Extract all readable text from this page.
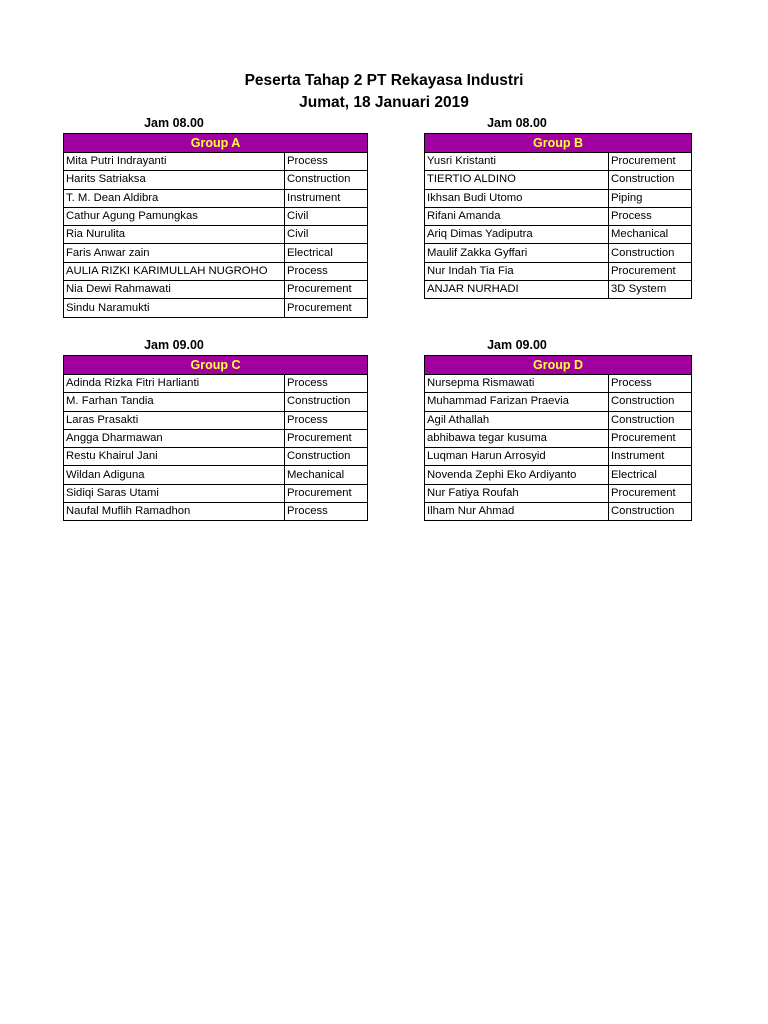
Peserta Tahap 2 PT Rekayasa Industri
Jumat, 18 Januari 2019
Jam 08.00
Group A	
Mita Putri Indrayanti	Process
Harits Satriaksa	Construction
T. M. Dean Aldibra	Instrument
Cathur Agung Pamungkas	Civil
Ria Nurulita	Civil
Faris Anwar zain	Electrical
AULIA RIZKI KARIMULLAH NUGROHO	Process
Nia Dewi Rahmawati	Procurement
Sindu Naramukti	Procurement
Jam 08.00
Group B	
Yusri Kristanti	Procurement
TIERTIO ALDINO	Construction
Ikhsan Budi Utomo	Piping
Rifani Amanda	Process
Ariq Dimas Yadiputra	Mechanical
Maulif Zakka Gyffari	Construction
Nur Indah Tia Fia	Procurement
ANJAR NURHADI	3D System
Jam 09.00
Group C	
Adinda Rizka Fitri Harlianti	Process
M. Farhan Tandia	Construction
Laras Prasakti	Process
Angga Dharmawan	Procurement
Restu Khairul Jani	Construction
Wildan Adiguna	Mechanical
Sidiqi Saras Utami	Procurement
Naufal Muflih Ramadhon	Process
Jam 09.00
Group D	
Nursepma Rismawati	Process
Muhammad Farizan Praevia	Construction
Agil Athallah	Construction
abhibawa tegar kusuma	Procurement
Luqman Harun Arrosyid	Instrument
Novenda Zephi Eko Ardiyanto	Electrical
Nur Fatiya Roufah	Procurement
Ilham Nur Ahmad	Construction
